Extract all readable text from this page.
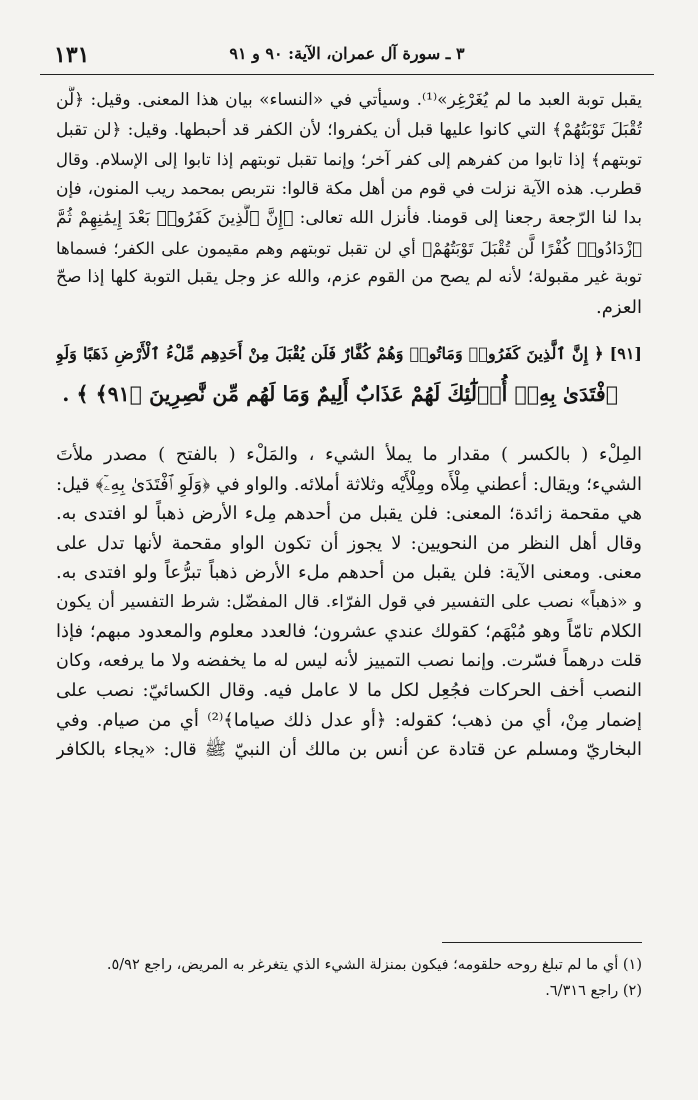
١٣١	٣ ـ سورة آل عمران، الآية: ٩٠ و ٩١
يقبل توبة العبد ما لم يُغَرْغِر»⁽¹⁾. وسيأتي في «النساء» بيان هذا المعنى. وقيل: ﴿لَّن
تُقْبَلَ تَوْبَتُهُمْ﴾ التي كانوا عليها قبل أن يكفروا؛ لأن الكفر قد أحبطها. وقيل: ﴿لن تقبل
توبتهم﴾ إذا تابوا من كفرهم إلى كفر آخر؛ وإنما تقبل توبتهم إذا تابوا إلى الإسلام. وقال
قطرب. هذه الآية نزلت في قوم من أهل مكة قالوا: نتربص بمحمد ريب المنون، فإن
بدا لنا الرّجعة رجعنا إلى قومنا. فأنزل الله تعالى: ﴿إِنَّ ٱلَّذِينَ كَفَرُوا۟ بَعْدَ إِيمَٰنِهِمْ ثُمَّ
ٱزْدَادُوا۟ كُفْرًا لَّن تُقْبَلَ تَوْبَتُهُمْ﴾ أي لن تقبل توبتهم وهم مقيمون على الكفر؛ فسماها
توبة غير مقبولة؛ لأنه لم يصح من القوم عزم، والله عز وجل يقبل التوبة كلها إذا صحّ
العزم.
[٩١] ﴿ إِنَّ ٱلَّذِينَ كَفَرُوا۟ وَمَاتُوا۟ وَهُمْ كُفَّارٌ فَلَن يُقْبَلَ مِنْ أَحَدِهِم مِّلْءُ ٱلْأَرْضِ ذَهَبًا وَلَوِ
ٱفْتَدَىٰ بِهِۦٓ أُو۟لَٰٓئِكَ لَهُمْ عَذَابٌ أَلِيمٌ وَمَا لَهُم مِّن نَّٰصِرِينَ ﴿٩١﴾ ﴾ .
المِلْء ( بالكسر ) مقدار ما يملأ الشيء ، والمَلْء ( بالفتح ) مصدر ملأتَ
الشيء؛ ويقال: أعطني مِلْأَه ومِلْأَيْه وثلاثة أملائه. والواو في ﴿وَلَوِ ٱفْتَدَىٰ بِهِۦٓ﴾ قيل:
هي مقحمة زائدة؛ المعنى: فلن يقبل من أحدهم مِلء الأرض ذهباً لو افتدى به.
وقال أهل النظر من النحويين: لا يجوز أن تكون الواو مقحمة لأنها تدل على
معنى. ومعنى الآية: فلن يقبل من أحدهم ملء الأرض ذهباً تبرُّعاً ولو افتدى به.
و «ذهباً» نصب على التفسير في قول الفرّاء. قال المفضّل: شرط التفسير أن يكون
الكلام تامّاً وهو مُبْهَم؛ كقولك عندي عشرون؛ فالعدد معلوم والمعدود مبهم؛ فإذا
قلت درهماً فسّرت. وإنما نصب التمييز لأنه ليس له ما يخفضه ولا ما يرفعه، وكان
النصب أخف الحركات فجُعِل لكل ما لا عامل فيه. وقال الكسائيّ: نصب على
إضمار مِنْ، أي من ذهب؛ كقوله: ﴿أو عدل ذلك صياما﴾⁽²⁾ أي من صيام. وفي
البخاريّ ومسلم عن قتادة عن أنس بن مالك أن النبيّ ﷺ قال: «يجاء بالكافر
(١) أي ما لم تبلغ روحه حلقومه؛ فيكون بمنزلة الشيء الذي يتغرغر به المريض، راجع ٥/٩٢.
(٢) راجع ٦/٣١٦.
